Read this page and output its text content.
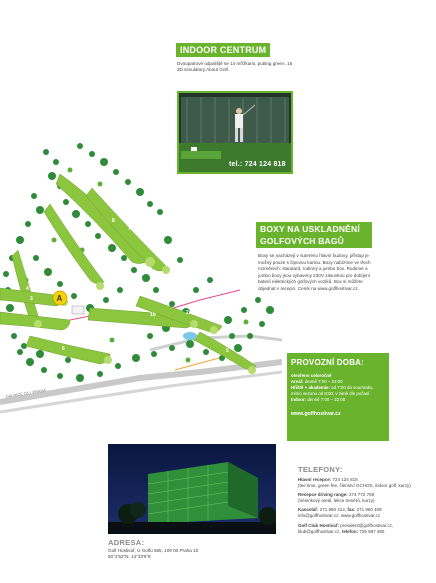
8
7
9
4
3
1b	2a
5
6
A
DALNICE D5 / PRAHA
INDOOR CENTRUM
Dvoupatrové odpaliště se 14 mřížkami, putting green, 15 3D simulátory About Golf.
tel.: 724 124 818
BOXY NA USKLADNĚNÍ
GOLFOVÝCH BAGŮ
Boxy se nacházejí v suterénu hlavní budovy, přístup je možný pouze s čipovou kartou. Boxy nabízíme ve třech rozměrech: standard, rodinný a jumbo box. Rodinné a jumbo boxy jsou vybaveny 230V zásuvkou pro dobíjení baterií elektrických golfových vozíků. Box si můžete objednat v recepci. Ceník na www.golfhostivar.cz.
PROVOZNÍ DOBA:
otevřeno celoročně
Areál: denně 7:00 – 22:00
Hřiště + akademie: od 7:00 do soumraku, mimo sezonu od 8:00, v zimě dle počasí
Indoor: denně 7:00 – 22:00
www.golfhostivar.cz
ADRESA:
Golf Hostivař, U Golfu 565, 109 00 Praha 10
50°2'52"N, 14°33'5"E
TELEFONY:
Hlavní recepce: 724 124 818
(tee time, green fee, členství GCHOS, indoor golf, kurzy)
Recepce driving range: 274 772 769
(tréninkový areál, lekce trenérů, kurzy)
Kancelář: 271 960 413, fax: 271 960 409
info@golfhostivar.cz, www.golfhostivar.cz
Golf Club Hostivař: president@golfhostivar.cz,
klub@golfhostivar.cz, telefon: 725 587 480
